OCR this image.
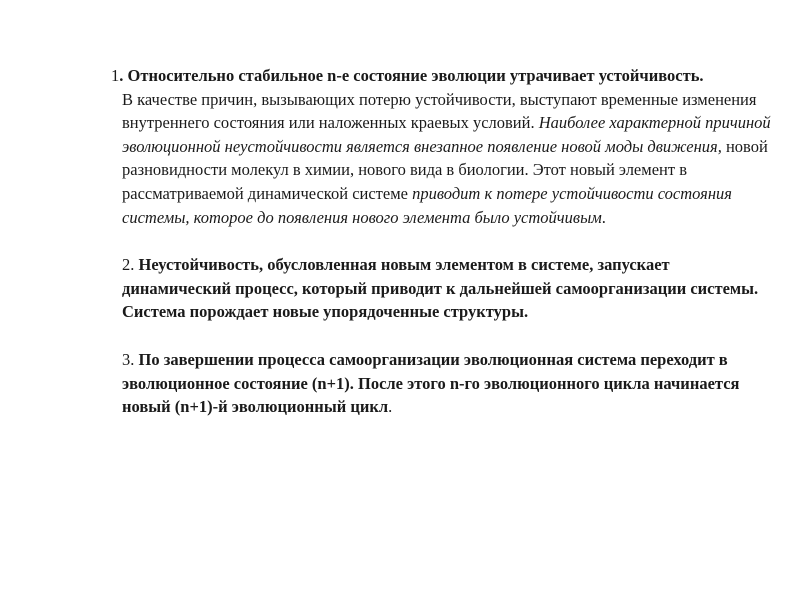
1. Относительно стабильное n-е состояние эволюции утрачивает устойчивость.
В качестве причин, вызывающих потерю устойчивости, выступают временные изменения внутреннего состояния или наложенных краевых условий. Наиболее характерной причиной эволюционной неустойчивости является внезапное появление новой моды движения, новой разновидности молекул в химии, нового вида в биологии. Этот новый элемент в рассматриваемой динамической системе приводит к потере устойчивости состояния системы, которое до появления нового элемента было устойчивым.

2. Неустойчивость, обусловленная новым элементом в системе, запускает динамический процесс, который приводит к дальнейшей самоорганизации системы. Система порождает новые упорядоченные структуры.

3. По завершении процесса самоорганизации эволюционная система переходит в эволюционное состояние (n+1). После этого n-го эволюционного цикла начинается новый (n+1)-й эволюционный цикл.
